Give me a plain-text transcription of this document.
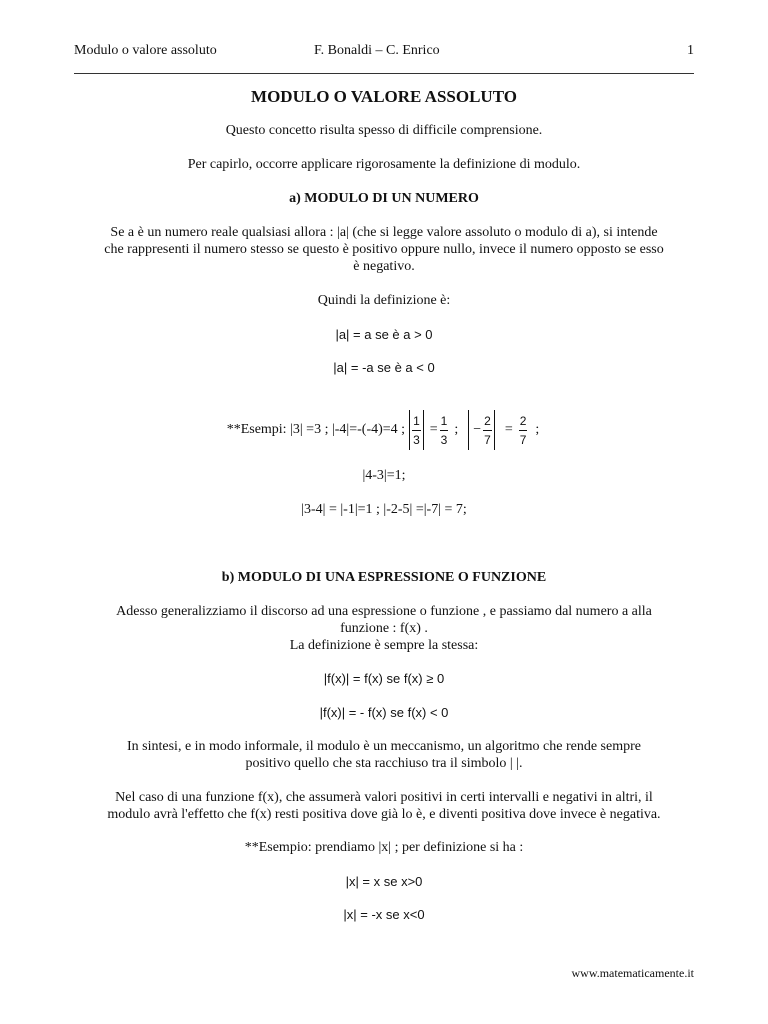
Modulo o valore assoluto	F. Bonaldi – C. Enrico	1
MODULO O VALORE ASSOLUTO
Questo concetto risulta spesso di difficile comprensione.
Per capirlo, occorre applicare rigorosamente la definizione di modulo.
a) MODULO DI UN NUMERO
Se a è un numero reale qualsiasi allora : |a| (che si legge valore assoluto o modulo di a), si intende
che rappresenti il numero stesso se questo è positivo oppure nullo, invece il numero opposto se esso
è negativo.
Quindi la definizione è:
|a| = a se è a > 0
|a| = -a se è a < 0
**Esempi: |3| =3 ; |-4|=-(-4)=4 ; $\frac{1}{3} = \frac{1}{3}$ ; − $\frac{2}{7} = \frac{2}{7}$ ;
|4-3|=1;
|3-4| = |-1|=1 ; |-2-5| =|-7| = 7;
b) MODULO DI UNA ESPRESSIONE O FUNZIONE
Adesso generalizziamo il discorso ad una espressione o funzione , e passiamo dal numero a alla
funzione : f(x) .
La definizione è sempre la stessa:
|f(x)| = f(x) se f(x) ≥ 0
|f(x)| = - f(x) se f(x) < 0
In sintesi, e in modo informale, il modulo è un meccanismo, un algoritmo che rende sempre
positivo quello che sta racchiuso tra il simbolo | |.
Nel caso di una funzione f(x), che assumerà valori positivi in certi intervalli e negativi in altri, il
modulo avrà l'effetto che f(x) resti positiva dove già lo è, e diventi positiva dove invece è negativa.
**Esempio: prendiamo |x| ; per definizione si ha :
|x| = x se x>0
|x| = -x se x<0
www.matematicamente.it
